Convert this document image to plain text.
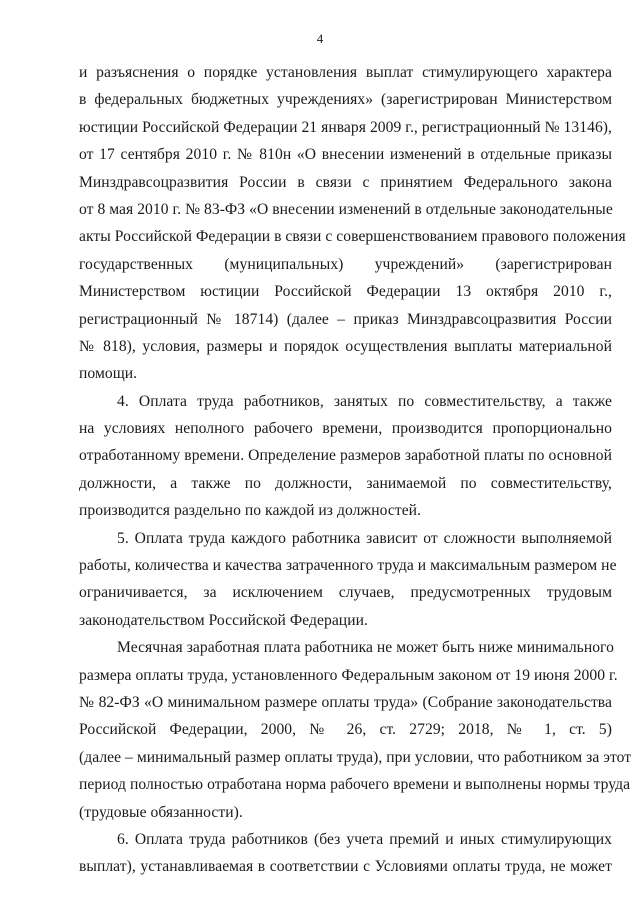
4
и разъяснения о порядке установления выплат стимулирующего характера
в федеральных бюджетных учреждениях» (зарегистрирован Министерством
юстиции Российской Федерации 21 января 2009 г., регистрационный № 13146),
от 17 сентября 2010 г. № 810н «О внесении изменений в отдельные приказы
Минздравсоцразвития России в связи с принятием Федерального закона
от 8 мая 2010 г. № 83-ФЗ «О внесении изменений в отдельные законодательные
акты Российской Федерации в связи с совершенствованием правового положения
государственных (муниципальных) учреждений» (зарегистрирован
Министерством юстиции Российской Федерации 13 октября 2010 г.,
регистрационный № 18714) (далее – приказ Минздравсоцразвития России
№ 818), условия, размеры и порядок осуществления выплаты материальной
помощи.
4. Оплата труда работников, занятых по совместительству, а также
на условиях неполного рабочего времени, производится пропорционально
отработанному времени. Определение размеров заработной платы по основной
должности, а также по должности, занимаемой по совместительству,
производится раздельно по каждой из должностей.
5. Оплата труда каждого работника зависит от сложности выполняемой
работы, количества и качества затраченного труда и максимальным размером не
ограничивается, за исключением случаев, предусмотренных трудовым
законодательством Российской Федерации.
Месячная заработная плата работника не может быть ниже минимального
размера оплаты труда, установленного Федеральным законом от 19 июня 2000 г.
№ 82-ФЗ «О минимальном размере оплаты труда» (Собрание законодательства
Российской Федерации, 2000, № 26, ст. 2729; 2018, № 1, ст. 5)
(далее – минимальный размер оплаты труда), при условии, что работником за этот
период полностью отработана норма рабочего времени и выполнены нормы труда
(трудовые обязанности).
6. Оплата труда работников (без учета премий и иных стимулирующих
выплат), устанавливаемая в соответствии с Условиями оплаты труда, не может
